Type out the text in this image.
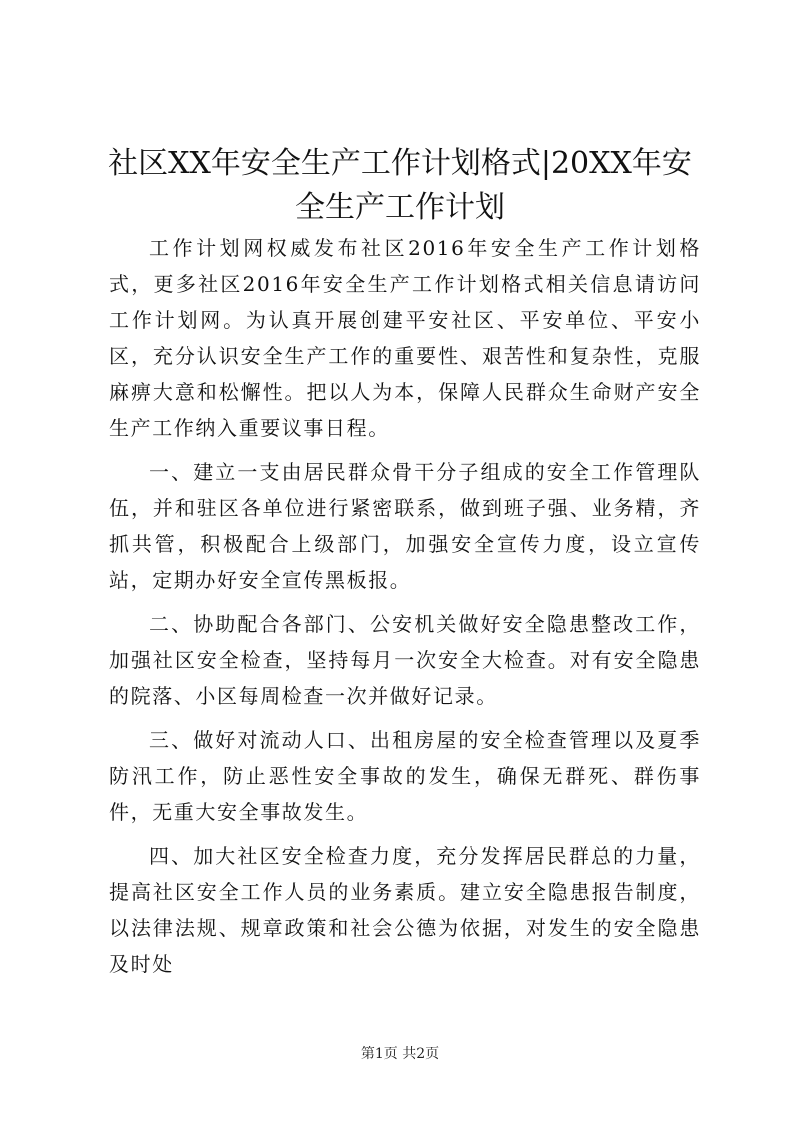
社区XX年安全生产工作计划格式|20XX年安全生产工作计划

工作计划网权威发布社区2016年安全生产工作计划格式，更多社区2016年安全生产工作计划格式相关信息请访问工作计划网。为认真开展创建平安社区、平安单位、平安小区，充分认识安全生产工作的重要性、艰苦性和复杂性，克服麻痹大意和松懈性。把以人为本，保障人民群众生命财产安全生产工作纳入重要议事日程。

一、建立一支由居民群众骨干分子组成的安全工作管理队伍，并和驻区各单位进行紧密联系，做到班子强、业务精，齐抓共管，积极配合上级部门，加强安全宣传力度，设立宣传站，定期办好安全宣传黑板报。

二、协助配合各部门、公安机关做好安全隐患整改工作，加强社区安全检查，坚持每月一次安全大检查。对有安全隐患的院落、小区每周检查一次并做好记录。

三、做好对流动人口、出租房屋的安全检查管理以及夏季防汛工作，防止恶性安全事故的发生，确保无群死、群伤事件，无重大安全事故发生。

四、加大社区安全检查力度，充分发挥居民群总的力量，提高社区安全工作人员的业务素质。建立安全隐患报告制度，以法律法规、规章政策和社会公德为依据，对发生的安全隐患及时处

第1页 共2页
